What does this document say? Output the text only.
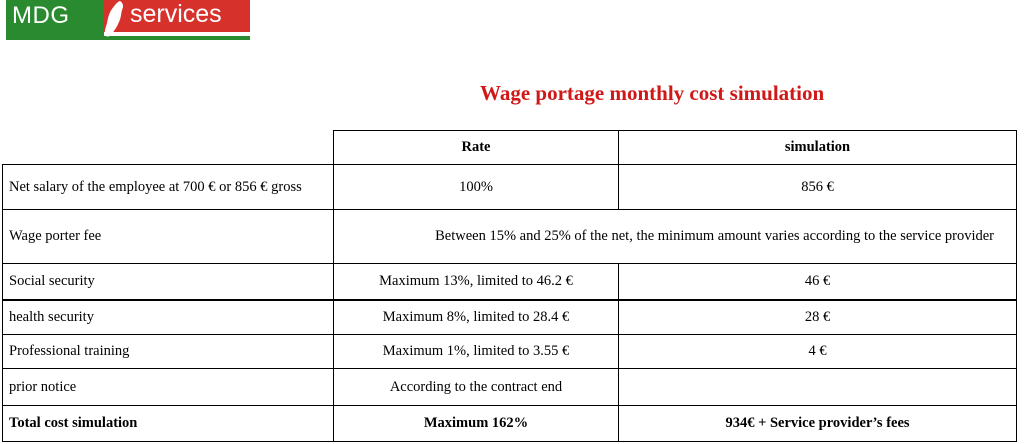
MDG services
Wage portage monthly cost simulation
	Rate	simulation
Net salary of the employee at 700 € or 856 € gross	100%	856 €
Wage porter fee	Between 15% and 25% of the net, the minimum amount varies according to the service provider	
Social security	Maximum 13%, limited to 46.2 €	46 €
health security	Maximum 8%, limited to 28.4 €	28 €
Professional training	Maximum 1%, limited to 3.55 €	4 €
prior notice	According to the contract end	
Total cost simulation	Maximum 162%	934€ + Service provider’s fees
